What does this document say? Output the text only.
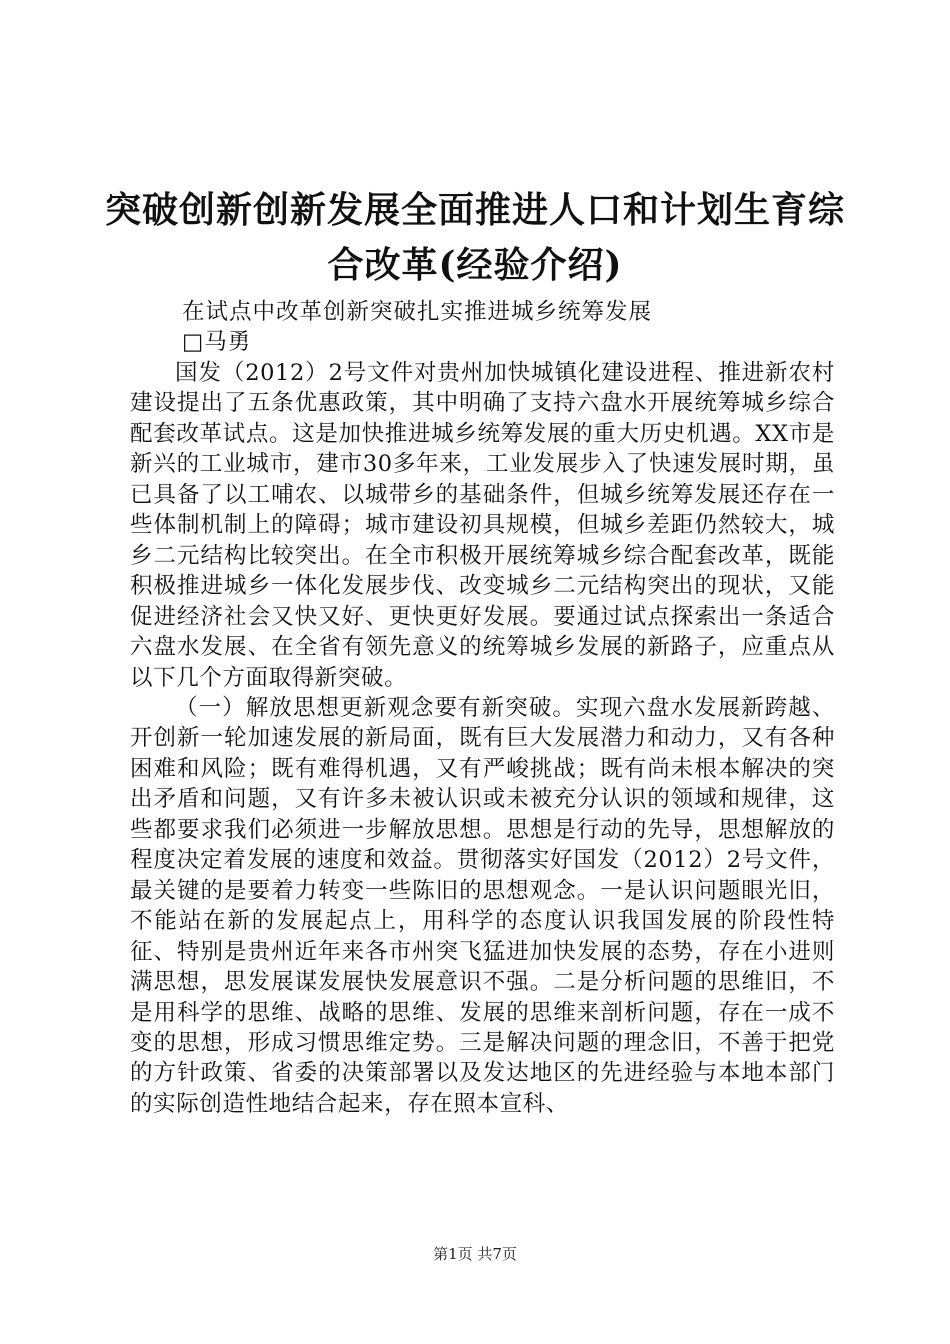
突破创新创新发展全面推进人口和计划生育综
合改革(经验介绍)
在试点中改革创新突破扎实推进城乡统筹发展
□马勇

国发（2012）2号文件对贵州加快城镇化建设进程、推进新农村建设提出了五条优惠政策，其中明确了支持六盘水开展统筹城乡综合配套改革试点。这是加快推进城乡统筹发展的重大历史机遇。XX市是新兴的工业城市，建市30多年来，工业发展步入了快速发展时期，虽已具备了以工哺农、以城带乡的基础条件，但城乡统筹发展还存在一些体制机制上的障碍；城市建设初具规模，但城乡差距仍然较大，城乡二元结构比较突出。在全市积极开展统筹城乡综合配套改革，既能积极推进城乡一体化发展步伐、改变城乡二元结构突出的现状，又能促进经济社会又快又好、更快更好发展。要通过试点探索出一条适合六盘水发展、在全省有领先意义的统筹城乡发展的新路子，应重点从以下几个方面取得新突破。

（一）解放思想更新观念要有新突破。实现六盘水发展新跨越、开创新一轮加速发展的新局面，既有巨大发展潜力和动力，又有各种困难和风险；既有难得机遇，又有严峻挑战；既有尚未根本解决的突出矛盾和问题，又有许多未被认识或未被充分认识的领域和规律，这些都要求我们必须进一步解放思想。思想是行动的先导，思想解放的程度决定着发展的速度和效益。贯彻落实好国发（2012）2号文件，最关键的是要着力转变一些陈旧的思想观念。一是认识问题眼光旧，不能站在新的发展起点上，用科学的态度认识我国发展的阶段性特征、特别是贵州近年来各市州突飞猛进加快发展的态势，存在小进则满思想，思发展谋发展快发展意识不强。二是分析问题的思维旧，不是用科学的思维、战略的思维、发展的思维来剖析问题，存在一成不变的思想，形成习惯思维定势。三是解决问题的理念旧，不善于把党的方针政策、省委的决策部署以及发达地区的先进经验与本地本部门的实际创造性地结合起来，存在照本宣科、

第1页 共7页
